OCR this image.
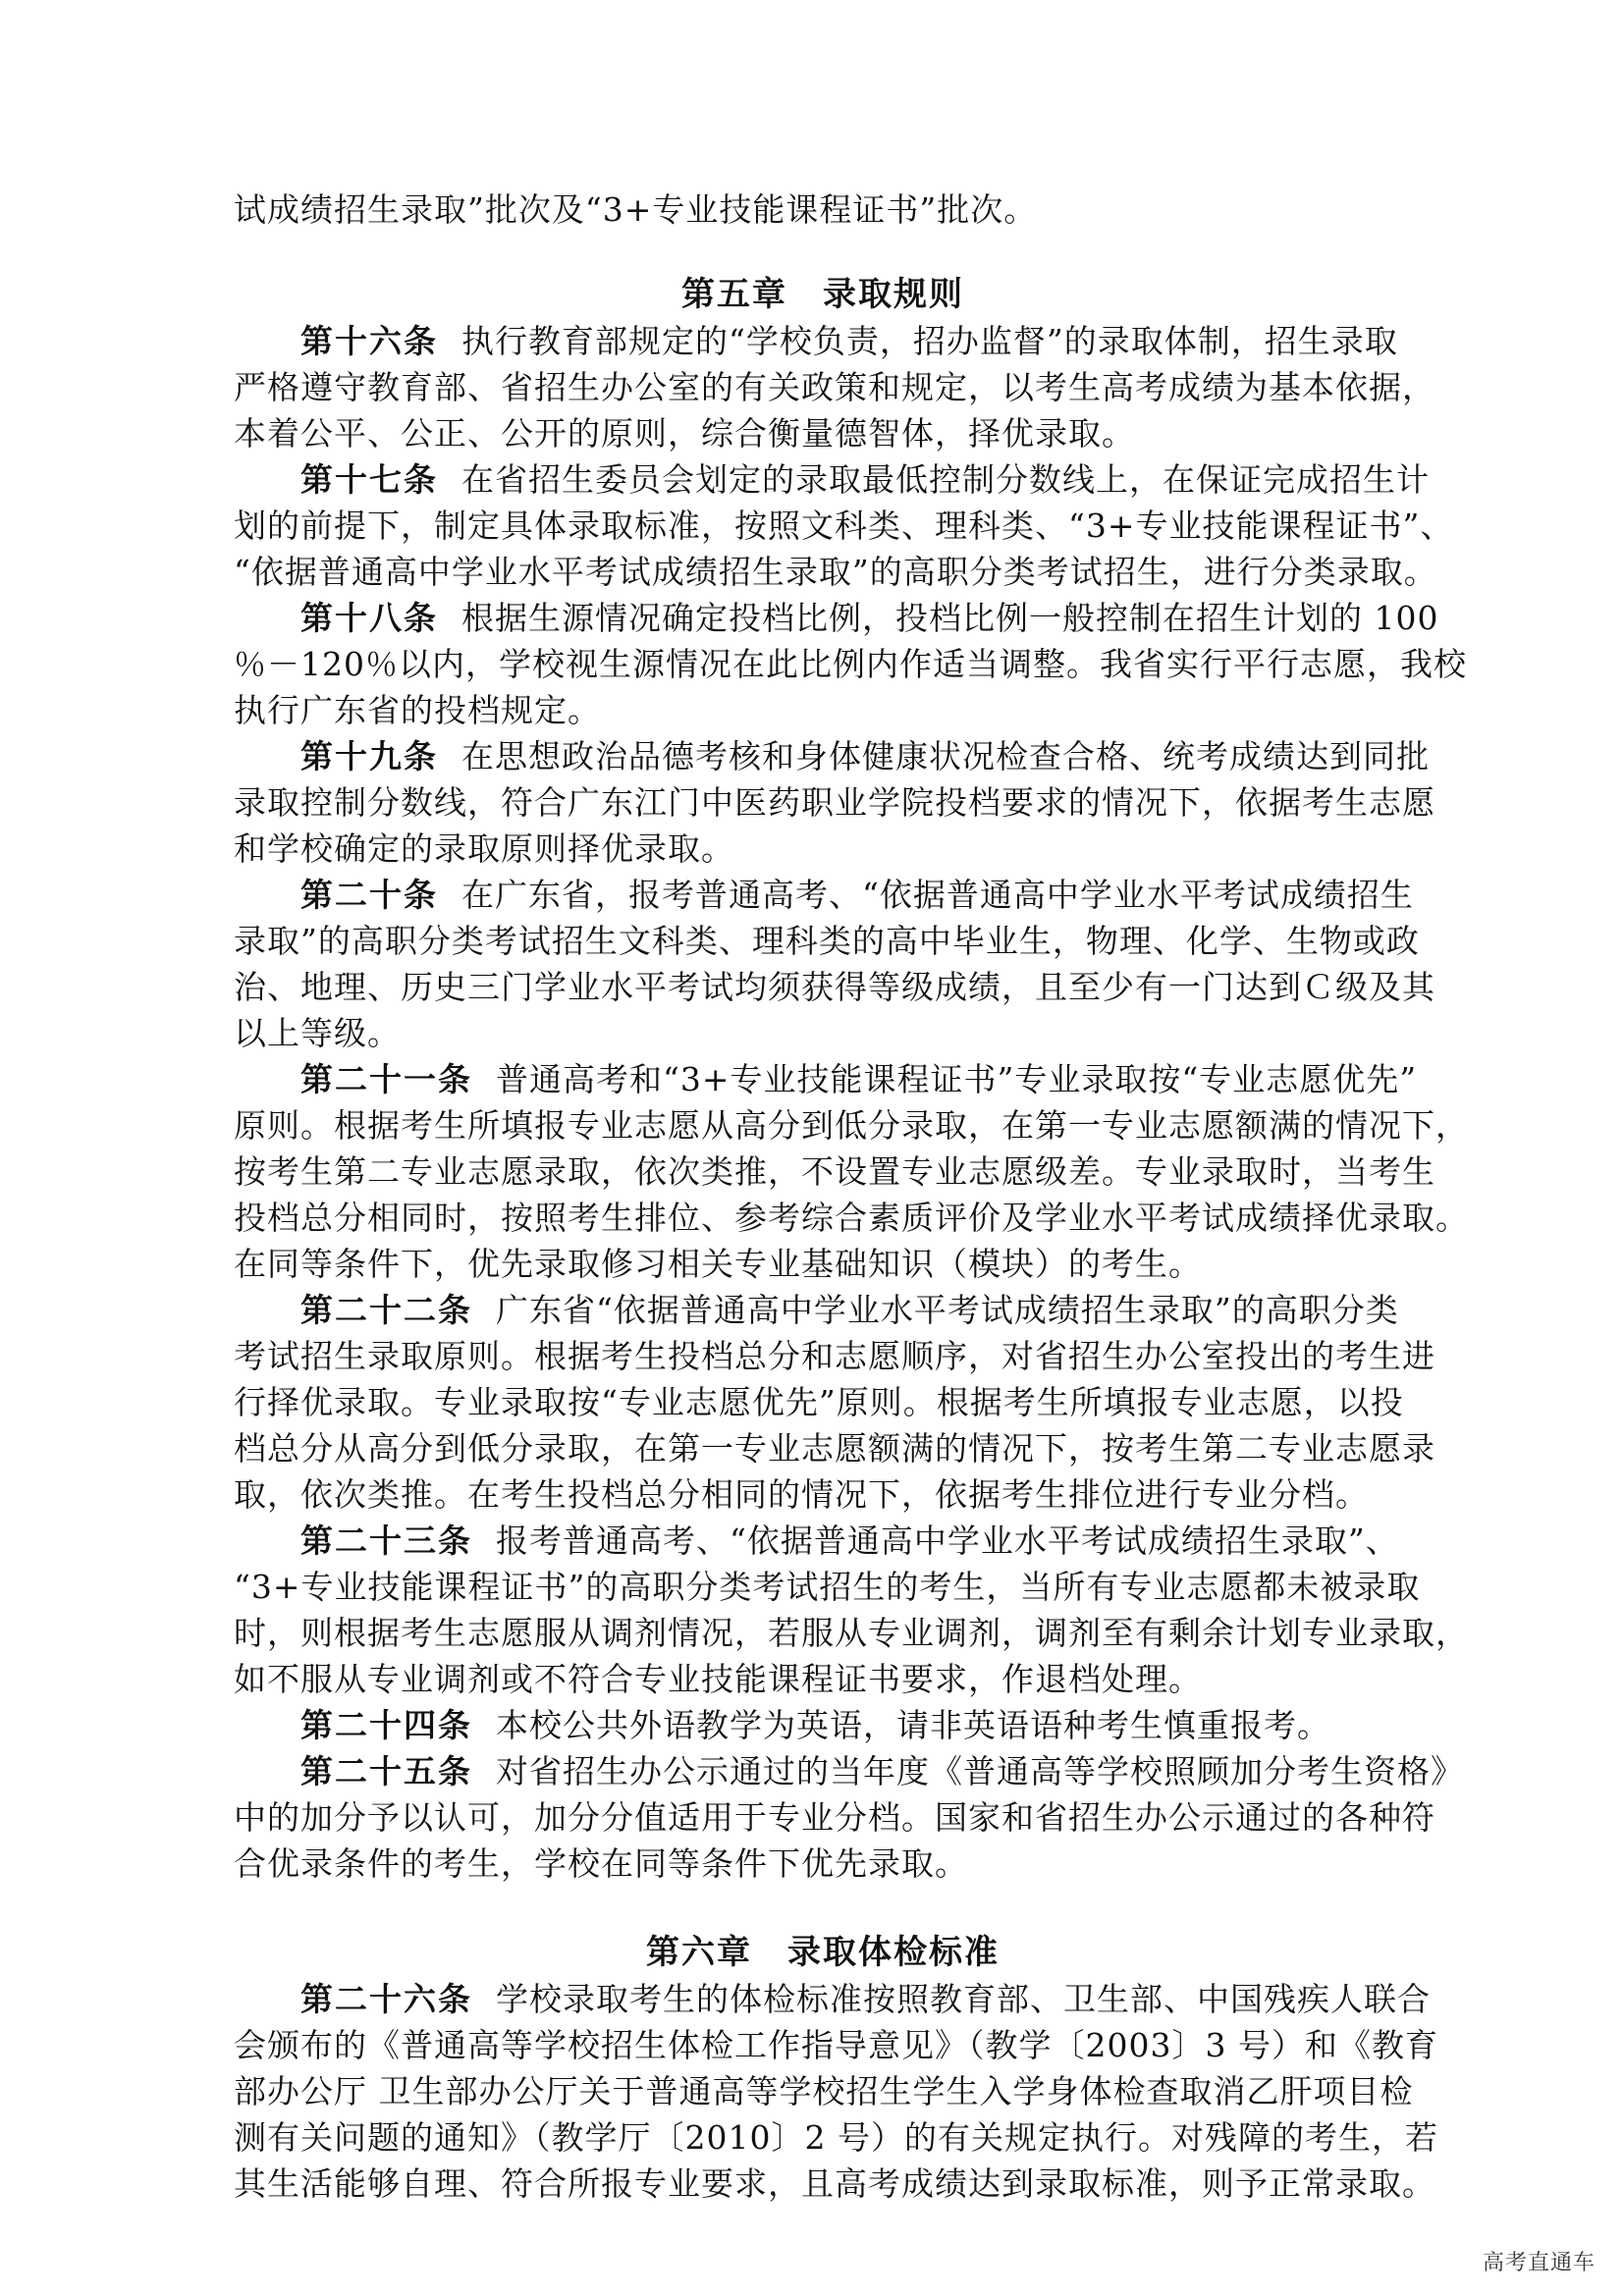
试成绩招生录取”批次及“3+专业技能课程证书”批次。
第五章　录取规则
第十六条 执行教育部规定的“学校负责，招办监督”的录取体制，招生录取
严格遵守教育部、省招生办公室的有关政策和规定，以考生高考成绩为基本依据，
本着公平、公正、公开的原则，综合衡量德智体，择优录取。
第十七条 在省招生委员会划定的录取最低控制分数线上，在保证完成招生计
划的前提下，制定具体录取标准，按照文科类、理科类、“3+专业技能课程证书”、
“依据普通高中学业水平考试成绩招生录取”的高职分类考试招生，进行分类录取。
第十八条 根据生源情况确定投档比例，投档比例一般控制在招生计划的 100
％－120％以内，学校视生源情况在此比例内作适当调整。我省实行平行志愿，我校
执行广东省的投档规定。
第十九条 在思想政治品德考核和身体健康状况检查合格、统考成绩达到同批
录取控制分数线，符合广东江门中医药职业学院投档要求的情况下，依据考生志愿
和学校确定的录取原则择优录取。
第二十条 在广东省，报考普通高考、“依据普通高中学业水平考试成绩招生
录取”的高职分类考试招生文科类、理科类的高中毕业生，物理、化学、生物或政
治、地理、历史三门学业水平考试均须获得等级成绩，且至少有一门达到Ｃ级及其
以上等级。
第二十一条 普通高考和“3+专业技能课程证书”专业录取按“专业志愿优先”
原则。根据考生所填报专业志愿从高分到低分录取，在第一专业志愿额满的情况下，
按考生第二专业志愿录取，依次类推，不设置专业志愿级差。专业录取时，当考生
投档总分相同时，按照考生排位、参考综合素质评价及学业水平考试成绩择优录取。
在同等条件下，优先录取修习相关专业基础知识（模块）的考生。
第二十二条 广东省“依据普通高中学业水平考试成绩招生录取”的高职分类
考试招生录取原则。根据考生投档总分和志愿顺序，对省招生办公室投出的考生进
行择优录取。专业录取按“专业志愿优先”原则。根据考生所填报专业志愿，以投
档总分从高分到低分录取，在第一专业志愿额满的情况下，按考生第二专业志愿录
取，依次类推。在考生投档总分相同的情况下，依据考生排位进行专业分档。
第二十三条 报考普通高考、“依据普通高中学业水平考试成绩招生录取”、
“3+专业技能课程证书”的高职分类考试招生的考生，当所有专业志愿都未被录取
时，则根据考生志愿服从调剂情况，若服从专业调剂，调剂至有剩余计划专业录取，
如不服从专业调剂或不符合专业技能课程证书要求，作退档处理。
第二十四条 本校公共外语教学为英语，请非英语语种考生慎重报考。
第二十五条 对省招生办公示通过的当年度《普通高等学校照顾加分考生资格》
中的加分予以认可，加分分值适用于专业分档。国家和省招生办公示通过的各种符
合优录条件的考生，学校在同等条件下优先录取。
第六章　录取体检标准
第二十六条 学校录取考生的体检标准按照教育部、卫生部、中国残疾人联合
会颁布的《普通高等学校招生体检工作指导意见》（教学〔2003〕3 号）和《教育
部办公厅 卫生部办公厅关于普通高等学校招生学生入学身体检查取消乙肝项目检
测有关问题的通知》（教学厅〔2010〕2 号）的有关规定执行。对残障的考生，若
其生活能够自理、符合所报专业要求，且高考成绩达到录取标准，则予正常录取。
高考直通车
